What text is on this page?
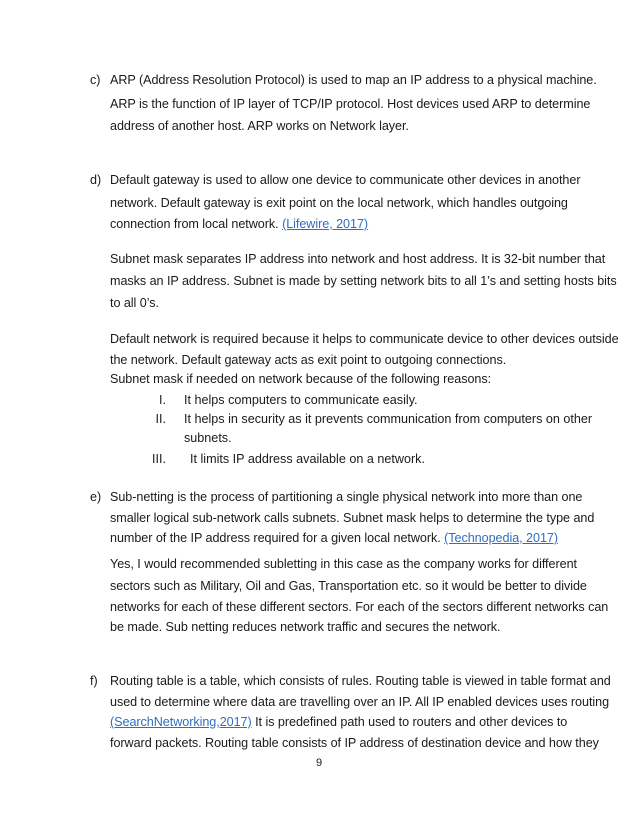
c) ARP (Address Resolution Protocol) is used to map an IP address to a physical machine.
ARP is the function of IP layer of TCP/IP protocol. Host devices used ARP to determine
address of another host. ARP works on Network layer.
d) Default gateway is used to allow one device to communicate other devices in another
network. Default gateway is exit point on the local network, which handles outgoing
connection from local network. (Lifewire, 2017)
Subnet mask separates IP address into network and host address. It is 32-bit number that
masks an IP address. Subnet is made by setting network bits to all 1’s and setting hosts bits
to all 0’s.
Default network is required because it helps to communicate device to other devices outside
the network. Default gateway acts as exit point to outgoing connections.
Subnet mask if needed on network because of the following reasons:
I. It helps computers to communicate easily.
II. It helps in security as it prevents communication from computers on other
subnets.
III. It limits IP address available on a network.
e) Sub-netting is the process of partitioning a single physical network into more than one
smaller logical sub-network calls subnets. Subnet mask helps to determine the type and
number of the IP address required for a given local network. (Technopedia, 2017)
Yes, I would recommended subletting in this case as the company works for different
sectors such as Military, Oil and Gas, Transportation etc. so it would be better to divide
networks for each of these different sectors. For each of the sectors different networks can
be made. Sub netting reduces network traffic and secures the network.
f) Routing table is a table, which consists of rules. Routing table is viewed in table format and
used to determine where data are travelling over an IP. All IP enabled devices uses routing
(SearchNetworking,2017) It is predefined path used to routers and other devices to
forward packets. Routing table consists of IP address of destination device and how they
9
